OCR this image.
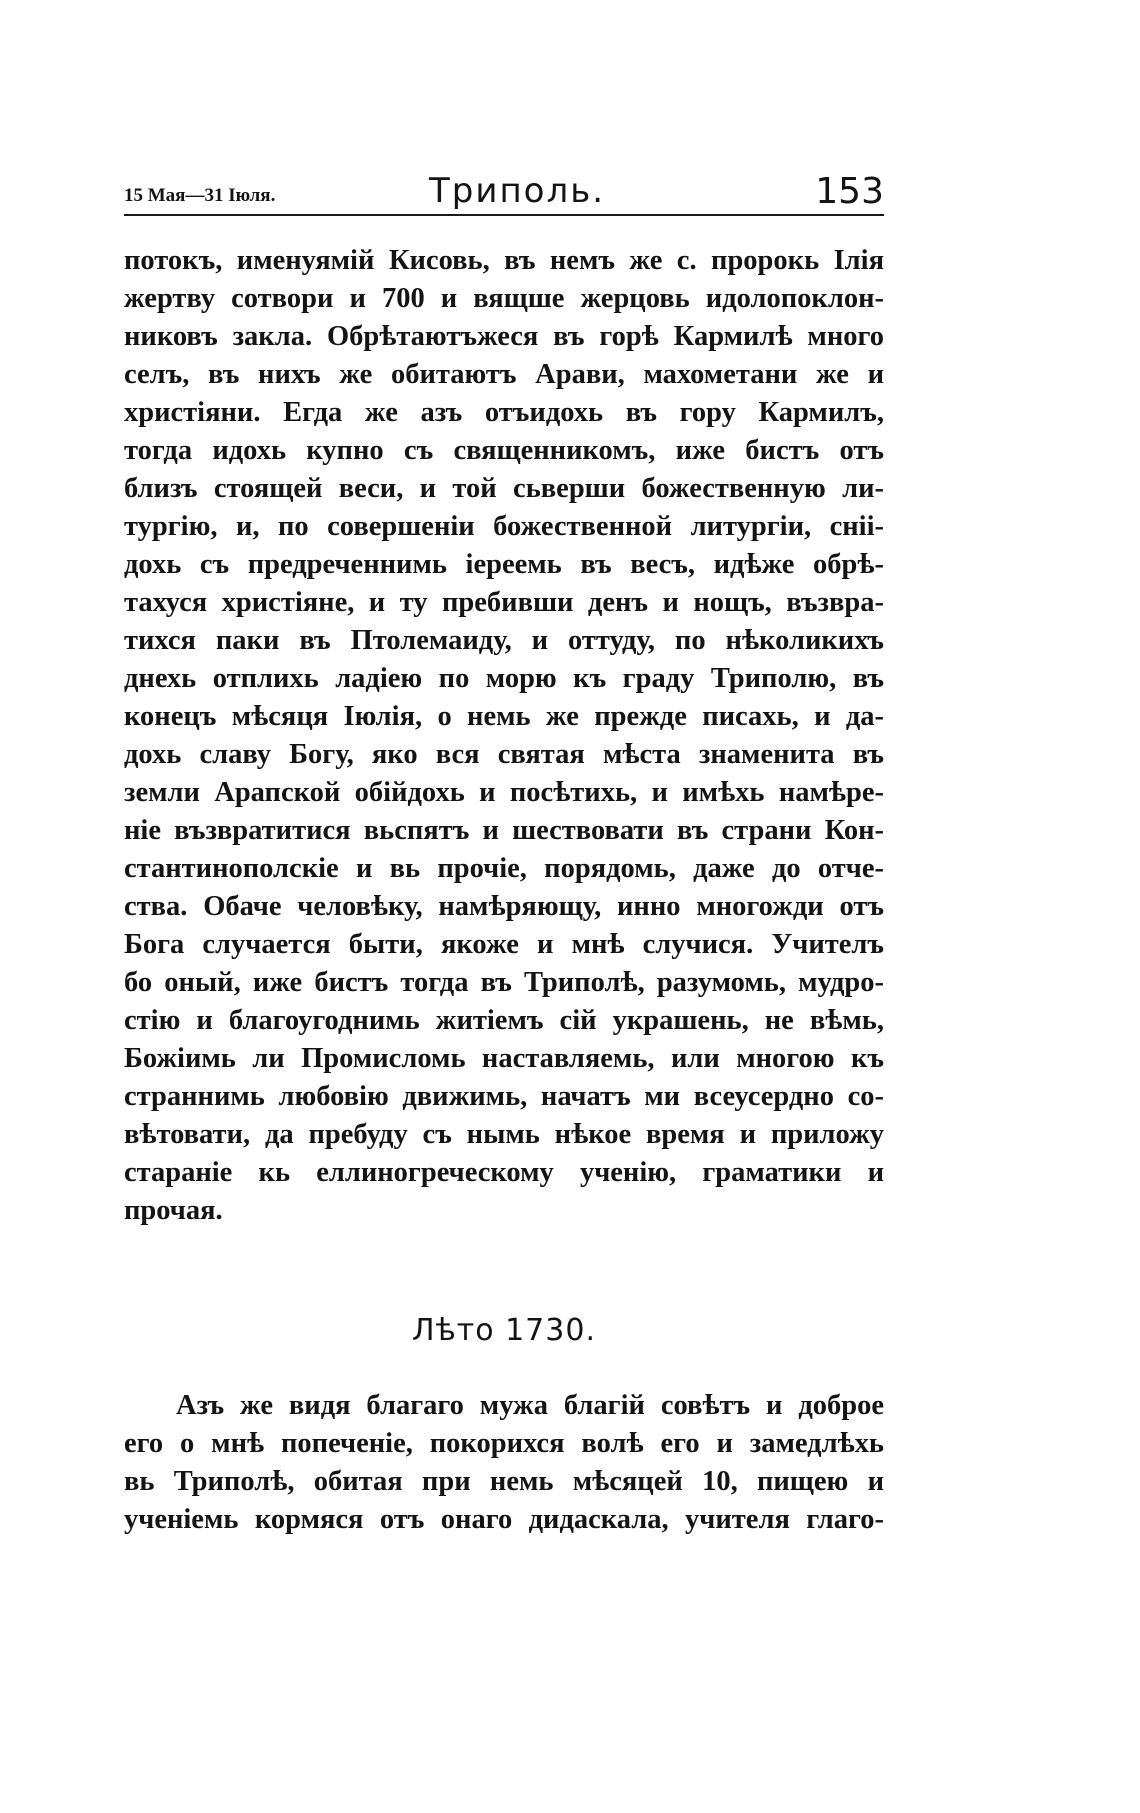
15 Мая—31 Іюля.	Триполь.	153
потокъ, именуямій Кисовь, въ немъ же с. пророкь Ілія
жертву сотвори и 700 и вящше жерцовь идолопоклон-
никовъ закла. Обрѣтаютъжеся въ горѣ Кармилѣ много
селъ, въ нихъ же обитаютъ Арави, махометани же и
христіяни. Егда же азъ отъидохь въ гору Кармилъ,
тогда идохь купно съ священникомъ, иже бистъ отъ
близъ стоящей веси, и той сьверши божественную ли-
тургію, и, по совершеніи божественной литургіи, сніі-
дохь съ предреченнимь іереемь въ весъ, идѣже обрѣ-
тахуся христіяне, и ту пребивши денъ и нощъ, възвра-
тихся паки въ Птолемаиду, и оттуду, по нѣколикихъ
днехь отплихь ладіею по морю къ граду Триполю, въ
конецъ мѣсяця Іюлія, о немь же прежде писахь, и да-
дохь славу Богу, яко вся святая мѣста знаменита въ
земли Арапской обійдохь и посѣтихь, и имѣхь намѣре-
ніе възвратитися вьспятъ и шествовати въ страни Кон-
стантинополскіе и вь прочіе, порядомь, даже до отче-
ства. Обаче человѣку, намѣряющу, инно многожди отъ
Бога случается быти, якоже и мнѣ случися. Учителъ
бо оный, иже бистъ тогда въ Триполѣ, разумомь, мудро-
стію и благоугоднимь житіемъ сій украшень, не вѣмь,
Божіимь ли Промисломь наставляемь, или многою къ
страннимь любовію движимь, начатъ ми всеусердно со-
вѣтовати, да пребуду съ нымь нѣкое время и приложу
стараніе кь еллиногреческому ученію, граматики и
прочая.
Лѣто 1730.
Азъ же видя благаго мужа благій совѣтъ и доброе
его о мнѣ попеченіе, покорихся волѣ его и замедлѣхь
вь Триполѣ, обитая при немь мѣсяцей 10, пищею и
ученіемь кормяся отъ онаго дидаскала, учителя глаго-
